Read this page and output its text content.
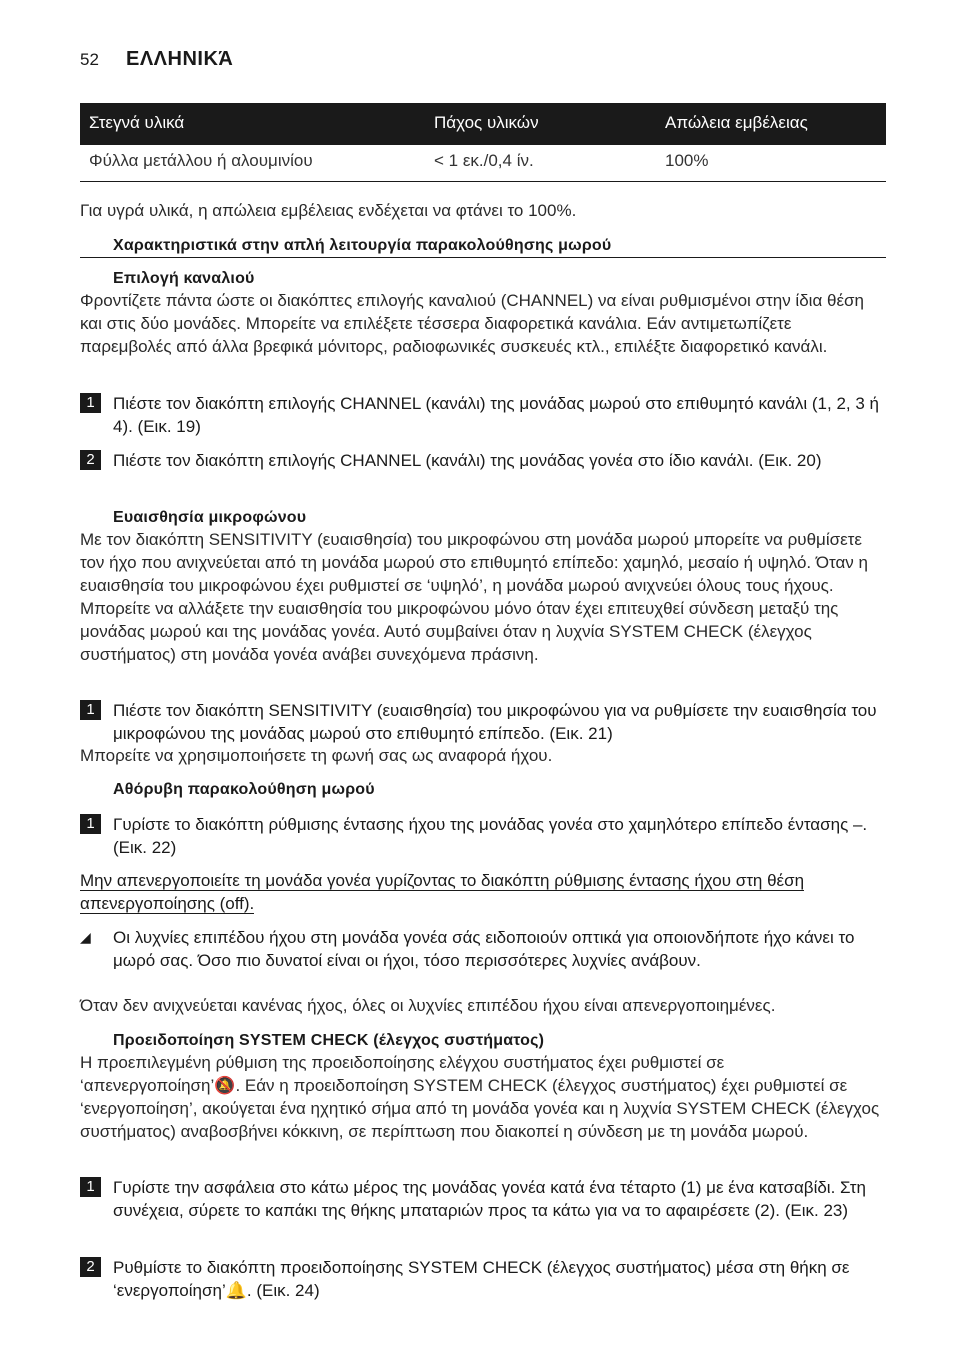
52 ΕΛΛΗΝΙΚΆ
Στεγνά υλικά	Πάχος υλικών	Απώλεια εμβέλειας
Φύλλα μετάλλου ή αλουμινίου	< 1 εκ./0,4 ίν.	100%
Για υγρά υλικά, η απώλεια εμβέλειας ενδέχεται να φτάνει το 100%.
Χαρακτηριστικά στην απλή λειτουργία παρακολούθησης μωρού
Επιλογή καναλιού
Φροντίζετε πάντα ώστε οι διακόπτες επιλογής καναλιού (CHANNEL) να είναι ρυθμισμένοι στην ίδια θέση και στις δύο μονάδες. Μπορείτε να επιλέξετε τέσσερα διαφορετικά κανάλια. Εάν αντιμετωπίζετε παρεμβολές από άλλα βρεφικά μόνιτορς, ραδιοφωνικές συσκευές κτλ., επιλέξτε διαφορετικό κανάλι.
1	Πιέστε τον διακόπτη επιλογής CHANNEL (κανάλι) της μονάδας μωρού στο επιθυμητό κανάλι (1, 2, 3 ή 4). (Εικ. 19)
2	Πιέστε τον διακόπτη επιλογής CHANNEL (κανάλι) της μονάδας γονέα στο ίδιο κανάλι. (Εικ. 20)
Ευαισθησία μικροφώνου
Με τον διακόπτη SENSITIVITY (ευαισθησία) του μικροφώνου στη μονάδα μωρού μπορείτε να ρυθμίσετε τον ήχο που ανιχνεύεται από τη μονάδα μωρού στο επιθυμητό επίπεδο: χαμηλό, μεσαίο ή υψηλό. Όταν η ευαισθησία του μικροφώνου έχει ρυθμιστεί σε ‘υψηλό’, η μονάδα μωρού ανιχνεύει όλους τους ήχους. Μπορείτε να αλλάξετε την ευαισθησία του μικροφώνου μόνο όταν έχει επιτευχθεί σύνδεση μεταξύ της μονάδας μωρού και της μονάδας γονέα. Αυτό συμβαίνει όταν η λυχνία SYSTEM CHECK (έλεγχος συστήματος) στη μονάδα γονέα ανάβει συνεχόμενα πράσινη.
1	Πιέστε τον διακόπτη SENSITIVITY (ευαισθησία) του μικροφώνου για να ρυθμίσετε την ευαισθησία του μικροφώνου της μονάδας μωρού στο επιθυμητό επίπεδο. (Εικ. 21)
Μπορείτε να χρησιμοποιήσετε τη φωνή σας ως αναφορά ήχου.
Αθόρυβη παρακολούθηση μωρού
1	Γυρίστε το διακόπτη ρύθμισης έντασης ήχου της μονάδας γονέα στο χαμηλότερο επίπεδο έντασης –. (Εικ. 22)
Μην απενεργοποιείτε τη μονάδα γονέα γυρίζοντας το διακόπτη ρύθμισης έντασης ήχου στη θέση απενεργοποίησης (off).
◢ Οι λυχνίες επιπέδου ήχου στη μονάδα γονέα σάς ειδοποιούν οπτικά για οποιονδήποτε ήχο κάνει το μωρό σας. Όσο πιο δυνατοί είναι οι ήχοι, τόσο περισσότερες λυχνίες ανάβουν.
Όταν δεν ανιχνεύεται κανένας ήχος, όλες οι λυχνίες επιπέδου ήχου είναι απενεργοποιημένες.
Προειδοποίηση SYSTEM CHECK (έλεγχος συστήματος)
Η προεπιλεγμένη ρύθμιση της προειδοποίησης ελέγχου συστήματος έχει ρυθμιστεί σε ‘απενεργοποίηση’🔕. Εάν η προειδοποίηση SYSTEM CHECK (έλεγχος συστήματος) έχει ρυθμιστεί σε ‘ενεργοποίηση’, ακούγεται ένα ηχητικό σήμα από τη μονάδα γονέα και η λυχνία SYSTEM CHECK (έλεγχος συστήματος) αναβοσβήνει κόκκινη, σε περίπτωση που διακοπεί η σύνδεση με τη μονάδα μωρού.
1	Γυρίστε την ασφάλεια στο κάτω μέρος της μονάδας γονέα κατά ένα τέταρτο (1) με ένα κατσαβίδι. Στη συνέχεια, σύρετε το καπάκι της θήκης μπαταριών προς τα κάτω για να το αφαιρέσετε (2). (Εικ. 23)
2	Ρυθμίστε το διακόπτη προειδοποίησης SYSTEM CHECK (έλεγχος συστήματος) μέσα στη θήκη σε ‘ενεργοποίηση’🔔. (Εικ. 24)
